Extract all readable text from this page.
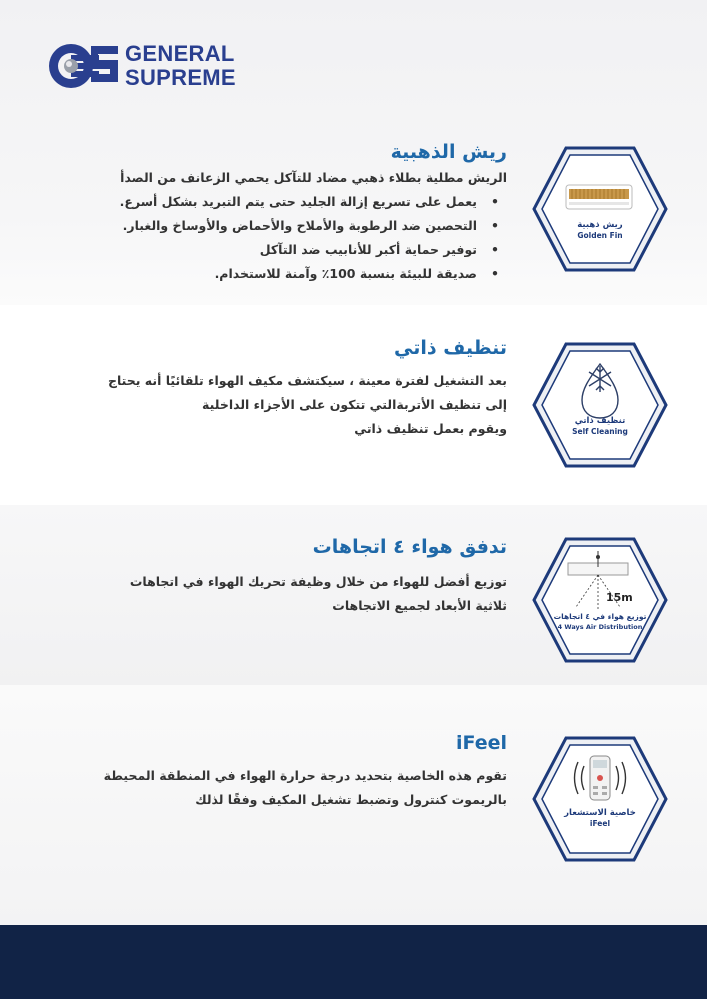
GENERAL
SUPREME
ريش الذهبية
الريش مطلية بطلاء ذهبي مضاد للتآكل يحمي الزعانف من الصدأ
• يعمل على تسريع إزالة الجليد حتى يتم التبريد بشكل أسرع.
• التحصين ضد الرطوبة والأملاح والأحماض والأوساخ والغبار.
• توفير حماية أكبر للأنابيب ضد التآكل
• صديقة للبيئة بنسبة 100٪ وآمنة للاستخدام.
ريش ذهبية
Golden Fin
تنظيف ذاتي
بعد التشغيل لفترة معينة ، سيكتشف مكيف الهواء تلقائيًا أنه يحتاج
إلى تنظيف الأتربةالتي تتكون على الأجزاء الداخلية
ويقوم بعمل تنظيف ذاتي	تنظيف ذاتي
Self Cleaning
تدفق هواء ٤ اتجاهات
توزيع أفضل للهواء من خلال وظيفة تحريك الهواء في اتجاهات
ثلاثية الأبعاد لجميع الاتجاهات
15m
توزيع هواء في ٤ اتجاهات
4 Ways Air Distribution
iFeel
تقوم هذه الخاصية بتحديد درجة حرارة الهواء في المنطقة المحيطة
بالريموت كنترول وتضبط تشغيل المكيف وفقًا لذلك
خاصية الاستشعار
iFeel
